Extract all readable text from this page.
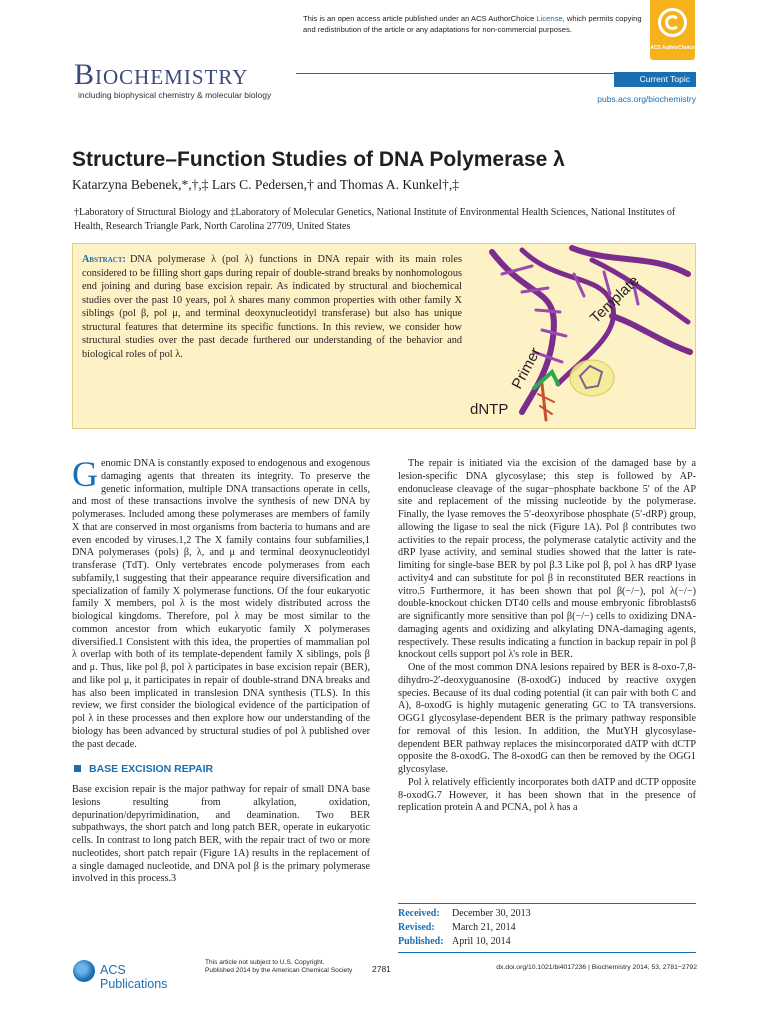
This is an open access article published under an ACS AuthorChoice License, which permits copying and redistribution of the article or any adaptations for non-commercial purposes.
ACS AuthorChoice
Biochemistry
including biophysical chemistry & molecular biology
Current Topic
pubs.acs.org/biochemistry
Structure–Function Studies of DNA Polymerase λ
Katarzyna Bebenek,*,†,‡ Lars C. Pedersen,† and Thomas A. Kunkel†,‡
†Laboratory of Structural Biology and ‡Laboratory of Molecular Genetics, National Institute of Environmental Health Sciences, National Institutes of Health, Research Triangle Park, North Carolina 27709, United States
Abstract: DNA polymerase λ (pol λ) functions in DNA repair with its main roles considered to be filling short gaps during repair of double-strand breaks by nonhomologous end joining and during base excision repair. As indicated by structural and biochemical studies over the past 10 years, pol λ shares many common properties with other family X siblings (pol β, pol μ, and terminal deoxynucleotidyl transferase) but also has unique structural features that determine its specific functions. In this review, we consider how structural studies over the past decade furthered our understanding of the behavior and biological roles of pol λ.	Primer
Template
dNTP

Genomic DNA is constantly exposed to endogenous and exogenous damaging agents that threaten its integrity. To preserve the genetic information, multiple DNA transactions operate in cells, and most of these transactions involve the synthesis of new DNA by polymerases. Included among these polymerases are members of family X that are conserved in most organisms from bacteria to humans and are even encoded by viruses.1,2 The X family contains four subfamilies,1 DNA polymerases (pols) β, λ, and μ and terminal deoxynucleotidyl transferase (TdT). Only vertebrates encode polymerases from each subfamily,1 suggesting that their appearance require diversification and specialization of family X polymerase functions. Of the four eukaryotic family X members, pol λ is the most widely distributed across the biological kingdoms. Therefore, pol λ may be most similar to the common ancestor from which eukaryotic family X polymerases diversified.1 Consistent with this idea, the properties of mammalian pol λ overlap with both of its template-dependent family X siblings, pols β and μ. Thus, like pol β, pol λ participates in base excision repair (BER), and like pol μ, it participates in repair of double-strand DNA breaks and has also been implicated in translesion DNA synthesis (TLS). In this review, we first consider the biological evidence of the participation of pol λ in these processes and then explore how our understanding of the biology has been advanced by structural studies of pol λ published over the past decade.

BASE EXCISION REPAIR

Base excision repair is the major pathway for repair of small DNA base lesions resulting from alkylation, oxidation, depurination/depyrimidination, and deamination. Two BER subpathways, the short patch and long patch BER, operate in eukaryotic cells. In contrast to long patch BER, with the repair tract of two or more nucleotides, short patch repair (Figure 1A) results in the replacement of a single damaged nucleotide, and DNA pol β is the primary polymerase involved in this process.3

The repair is initiated via the excision of the damaged base by a lesion-specific DNA glycosylase; this step is followed by AP-endonuclease cleavage of the sugar−phosphate backbone 5′ of the AP site and replacement of the missing nucleotide by the polymerase. Finally, the lyase removes the 5′-deoxyribose phosphate (5′-dRP) group, allowing the ligase to seal the nick (Figure 1A). Pol β contributes two activities to the repair process, the polymerase catalytic activity and the dRP lyase activity, and seminal studies showed that the latter is rate-limiting for single-base BER by pol β.3 Like pol β, pol λ has dRP lyase activity4 and can substitute for pol β in reconstituted BER reactions in vitro.5 Furthermore, it has been shown that pol β(−/−), pol λ(−/−) double-knockout chicken DT40 cells and mouse embryonic fibroblasts6 are significantly more sensitive than pol β(−/−) cells to oxidizing DNA-damaging agents and oxidizing and alkylating DNA-damaging agents, respectively. These results indicating a function in backup repair in pol β knockout cells support pol λ's role in BER.

One of the most common DNA lesions repaired by BER is 8-oxo-7,8-dihydro-2′-deoxyguanosine (8-oxodG) induced by reactive oxygen species. Because of its dual coding potential (it can pair with both C and A), 8-oxodG is highly mutagenic generating GC to TA transversions. OGG1 glycosylase-dependent BER is the primary pathway responsible for removal of this lesion. In addition, the MutYH glycosylase-dependent BER pathway replaces the misincorporated dATP with dCTP opposite the 8-oxodG. The 8-oxodG can then be removed by the OGG1 glycosylase.

Pol λ relatively efficiently incorporates both dATP and dCTP opposite 8-oxodG.7 However, it has been shown that in the presence of replication protein A and PCNA, pol λ has a

Received: December 30, 2013
Revised: March 21, 2014
Published: April 10, 2014
ACS Publications
This article not subject to U.S. Copyright. Published 2014 by the American Chemical Society	2781	dx.doi.org/10.1021/bi4017236 | Biochemistry 2014, 53, 2781−2792
